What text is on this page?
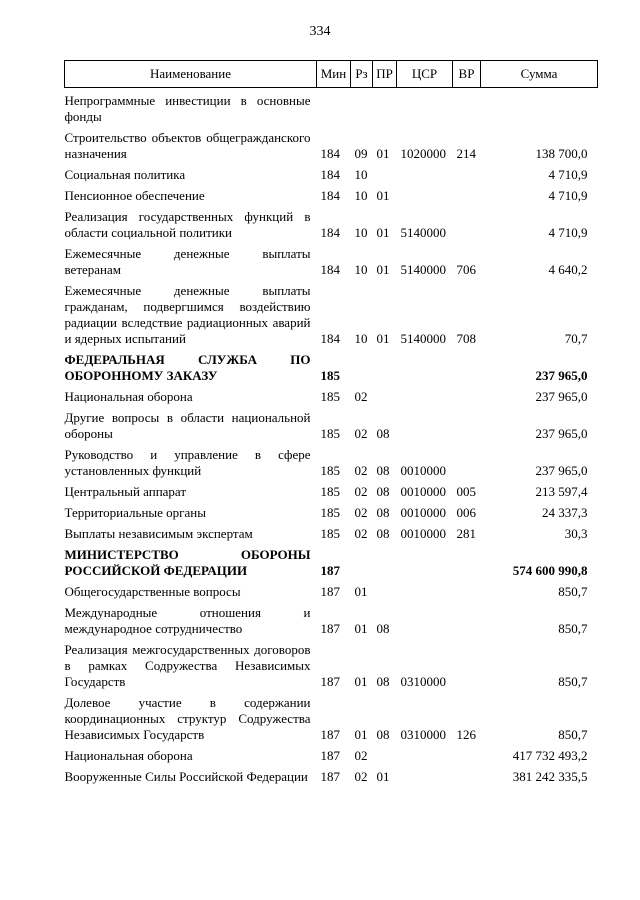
334
Наименование	Мин	Рз	ПР	ЦСР	ВР	Сумма

Непрограммные инвестиции в основные фонды						

Строительство объектов общегражданского назначения	184	09	01	1020000	214	138 700,0

Социальная политика	184	10				4 710,9

Пенсионное обеспечение	184	10	01			4 710,9

Реализация государственных функций в области социальной политики	184	10	01	5140000		4 710,9

Ежемесячные денежные выплаты ветеранам	184	10	01	5140000	706	4 640,2

Ежемесячные денежные выплаты гражданам, подвергшимся воздействию радиации вследствие радиационных аварий и ядерных испытаний	184	10	01	5140000	708	70,7

ФЕДЕРАЛЬНАЯ СЛУЖБА ПО ОБОРОННОМУ ЗАКАЗУ	185					237 965,0

Национальная оборона	185	02				237 965,0

Другие вопросы в области национальной обороны	185	02	08			237 965,0

Руководство и управление в сфере установленных функций	185	02	08	0010000		237 965,0

Центральный аппарат	185	02	08	0010000	005	213 597,4

Территориальные органы	185	02	08	0010000	006	24 337,3

Выплаты независимым экспертам	185	02	08	0010000	281	30,3

МИНИСТЕРСТВО ОБОРОНЫ РОССИЙСКОЙ ФЕДЕРАЦИИ	187					574 600 990,8

Общегосударственные вопросы	187	01				850,7

Международные отношения и международное сотрудничество	187	01	08			850,7

Реализация межгосударственных договоров в рамках Содружества Независимых Государств	187	01	08	0310000		850,7

Долевое участие в содержании координационных структур Содружества Независимых Государств	187	01	08	0310000	126	850,7

Национальная оборона	187	02				417 732 493,2

Вооруженные Силы Российской Федерации	187	02	01			381 242 335,5
